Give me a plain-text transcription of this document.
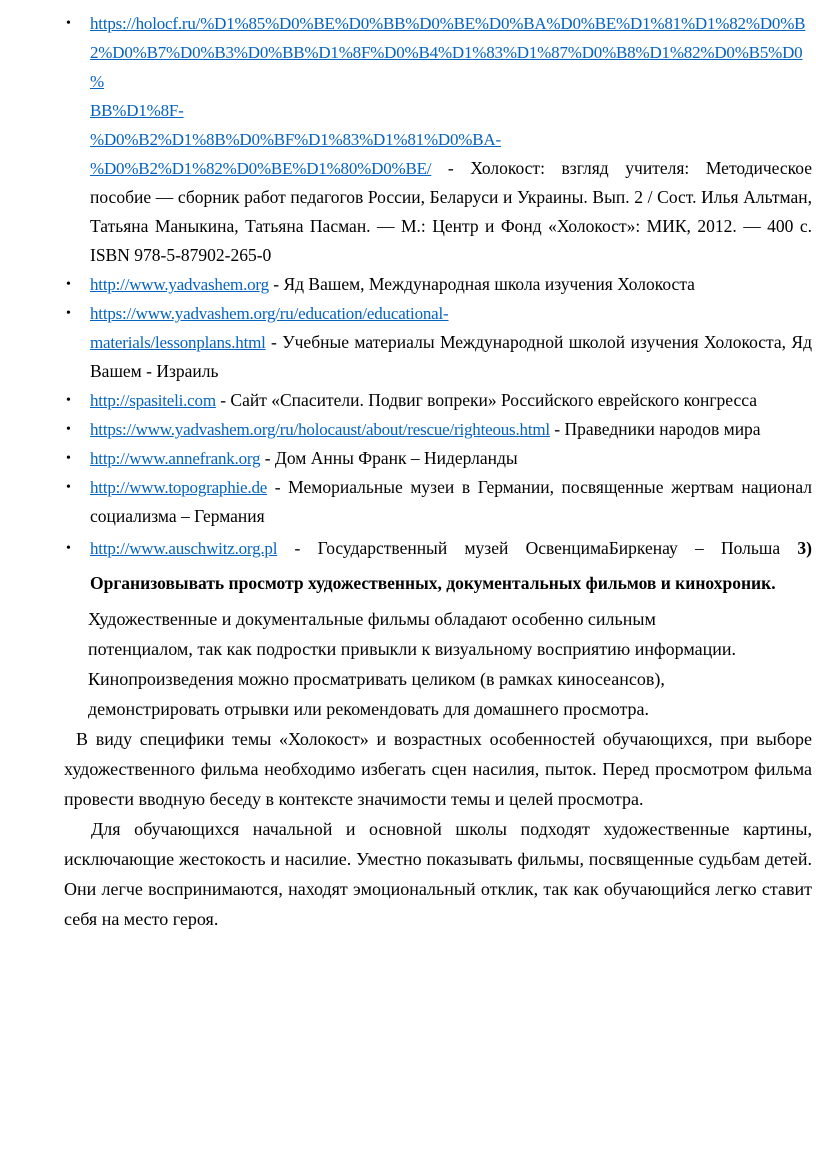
• https://holocf.ru/%D1%85%D0%BE%D0%BB%D0%BE%D0%BA%D0%BE%D1%81%D1%82%D0%B
2%D0%B7%D0%B3%D0%BB%D1%8F%D0%B4%D1%83%D1%87%D0%B8%D1%82%D0%B5%D0%
BB%D1%8F-
%D0%B2%D1%8B%D0%BF%D1%83%D1%81%D0%BA-
%D0%B2%D1%82%D0%BE%D1%80%D0%BE/ - Холокост: взгляд учителя: Методическое пособие — сборник работ педагогов России, Беларуси и Украины. Вып. 2 / Сост. Илья Альтман, Татьяна Маныкина, Татьяна Пасман. — М.: Центр и Фонд «Холокост»: МИК, 2012. — 400 с. ISBN 978-5-87902-265-0
• http://www.yadvashem.org - Яд Вашем, Международная школа изучения Холокоста
• https://www.yadvashem.org/ru/education/educational-
materials/lessonplans.html - Учебные материалы Международной школой изучения Холокоста, Яд Вашем - Израиль
• http://spasiteli.com - Сайт «Спасители. Подвиг вопреки» Российского еврейского конгресса
• https://www.yadvashem.org/ru/holocaust/about/rescue/righteous.html - Праведники народов мира
• http://www.annefrank.org - Дом Анны Франк – Нидерланды
• http://www.topographie.de - Мемориальные музеи в Германии, посвященные жертвам национал социализма – Германия
• http://www.auschwitz.org.pl - Государственный музей ОсвенцимаБиркенау – Польша 3) Организовывать просмотр художественных, документальных фильмов и кинохроник.

Художественные и документальные фильмы обладают особенно сильным потенциалом, так как подростки привыкли к визуальному восприятию информации. Кинопроизведения можно просматривать целиком (в рамках киносеансов), демонстрировать отрывки или рекомендовать для домашнего просмотра.

В виду специфики темы «Холокост» и возрастных особенностей обучающихся, при выборе художественного фильма необходимо избегать сцен насилия, пыток. Перед просмотром фильма провести вводную беседу в контексте значимости темы и целей просмотра.

Для обучающихся начальной и основной школы подходят художественные картины, исключающие жестокость и насилие. Уместно показывать фильмы, посвященные судьбам детей. Они легче воспринимаются, находят эмоциональный отклик, так как обучающийся легко ставит себя на место героя.
